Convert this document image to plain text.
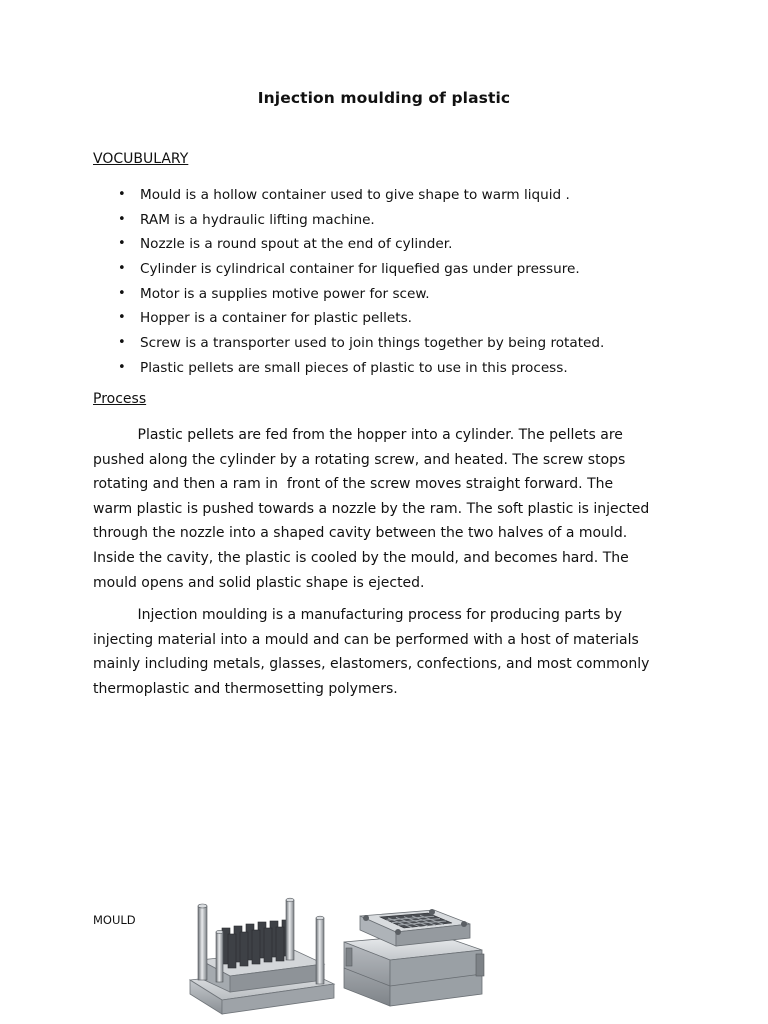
Injection moulding of plastic
VOCUBULARY
• Mould is a hollow container used to give shape to warm liquid .
• RAM is a hydraulic lifting machine.
• Nozzle is a round spout at the end of cylinder.
• Cylinder is cylindrical container for liquefied gas under pressure.
• Motor is a supplies motive power for scew.
• Hopper is a container for plastic pellets.
• Screw is a transporter used to join things together by being rotated.
• Plastic pellets are small pieces of plastic to use in this process.
Process

Plastic pellets are fed from the hopper into a cylinder. The pellets are
pushed along the cylinder by a rotating screw, and heated. The screw stops
rotating and then a ram in  front of the screw moves straight forward. The
warm plastic is pushed towards a nozzle by the ram. The soft plastic is injected
through the nozzle into a shaped cavity between the two halves of a mould.
Inside the cavity, the plastic is cooled by the mould, and becomes hard. The
mould opens and solid plastic shape is ejected.

Injection moulding is a manufacturing process for producing parts by
injecting material into a mould and can be performed with a host of materials
mainly including metals, glasses, elastomers, confections, and most commonly
thermoplastic and thermosetting polymers.

MOULD
